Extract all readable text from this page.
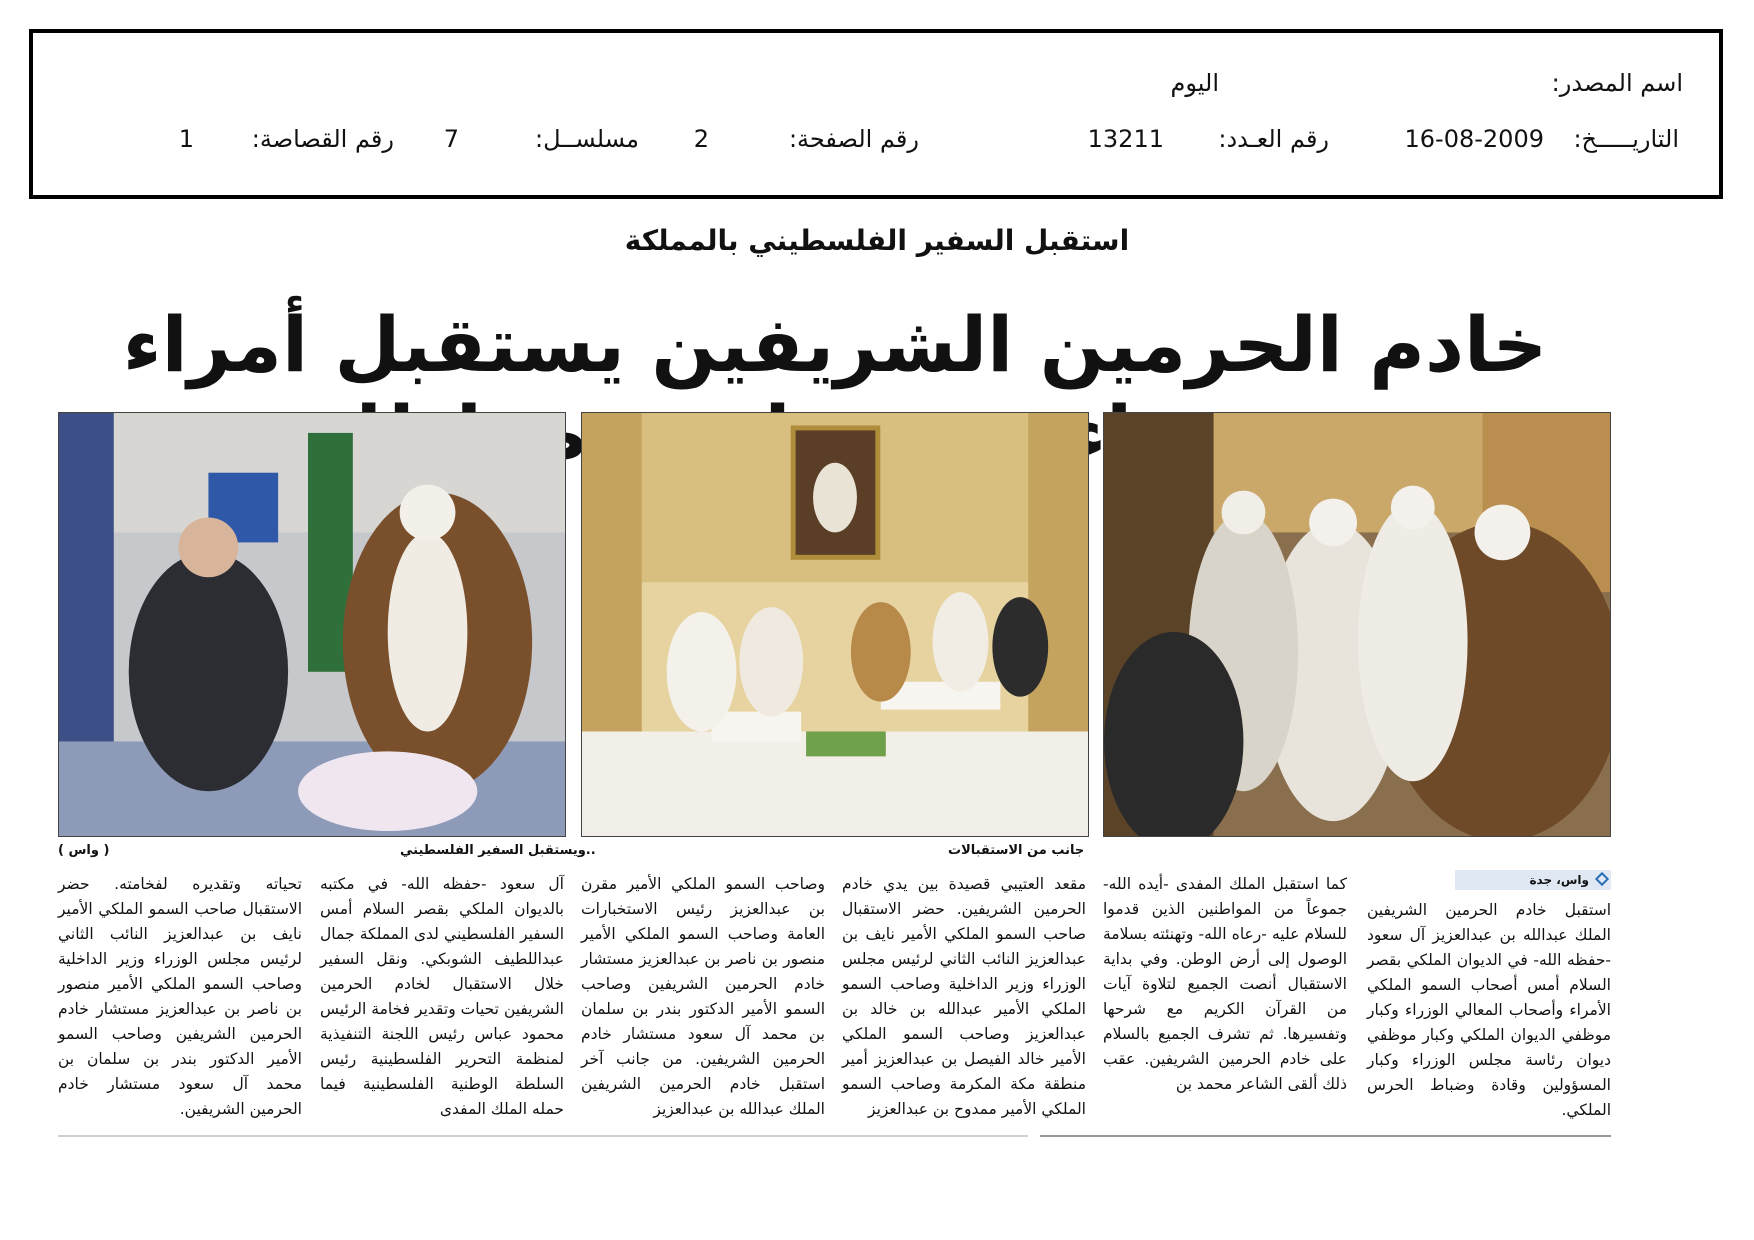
اسم المصدر:
اليوم
التاريـــــخ:
16-08-2009
رقم العـدد:
13211
رقم الصفحة:
2
مسلســل:
7
رقم القصاصة:
1
استقبل السفير الفلسطيني بالمملكة
خادم الحرمين الشريفين يستقبل أمراء
جانب من الاستقبالات
..ويستقبل السفير الفلسطيني
( واس )
واس، جدة

استقبل خادم الحرمين الشريفين الملك عبدالله بن عبدالعزيز آل سعود -حفظه الله- في الديوان الملكي بقصر السلام أمس أصحاب السمو الملكي الأمراء وأصحاب المعالي الوزراء وكبار موظفي الديوان الملكي وكبار موظفي ديوان رئاسة مجلس الوزراء وكبار المسؤولين وقادة وضباط الحرس الملكي.

كما استقبل الملك المفدى -أيده الله- جموعاً من المواطنين الذين قدموا للسلام عليه -رعاه الله- وتهنئته بسلامة الوصول إلى أرض الوطن. وفي بداية الاستقبال أنصت الجميع لتلاوة آيات من القرآن الكريم مع شرحها وتفسيرها. ثم تشرف الجميع بالسلام على خادم الحرمين الشريفين. عقب ذلك ألقى الشاعر محمد بن

مقعد العتيبي قصيدة بين يدي خادم الحرمين الشريفين. حضر الاستقبال صاحب السمو الملكي الأمير نايف بن عبدالعزيز النائب الثاني لرئيس مجلس الوزراء وزير الداخلية وصاحب السمو الملكي الأمير عبدالله بن خالد بن عبدالعزيز وصاحب السمو الملكي الأمير خالد الفيصل بن عبدالعزيز أمير منطقة مكة المكرمة وصاحب السمو الملكي الأمير ممدوح بن عبدالعزيز

وصاحب السمو الملكي الأمير مقرن بن عبدالعزيز رئيس الاستخبارات العامة وصاحب السمو الملكي الأمير منصور بن ناصر بن عبدالعزيز مستشار خادم الحرمين الشريفين وصاحب السمو الأمير الدكتور بندر بن سلمان بن محمد آل سعود مستشار خادم الحرمين الشريفين. من جانب آخر استقبل خادم الحرمين الشريفين الملك عبدالله بن عبدالعزيز

آل سعود -حفظه الله- في مكتبه بالديوان الملكي بقصر السلام أمس السفير الفلسطيني لدى المملكة جمال عبداللطيف الشوبكي. ونقل السفير خلال الاستقبال لخادم الحرمين الشريفين تحيات وتقدير فخامة الرئيس محمود عباس رئيس اللجنة التنفيذية لمنظمة التحرير الفلسطينية رئيس السلطة الوطنية الفلسطينية فيما حمله الملك المفدى

تحياته وتقديره لفخامته. حضر الاستقبال صاحب السمو الملكي الأمير نايف بن عبدالعزيز النائب الثاني لرئيس مجلس الوزراء وزير الداخلية وصاحب السمو الملكي الأمير منصور بن ناصر بن عبدالعزيز مستشار خادم الحرمين الشريفين وصاحب السمو الأمير الدكتور بندر بن سلمان بن محمد آل سعود مستشار خادم الحرمين الشريفين.
